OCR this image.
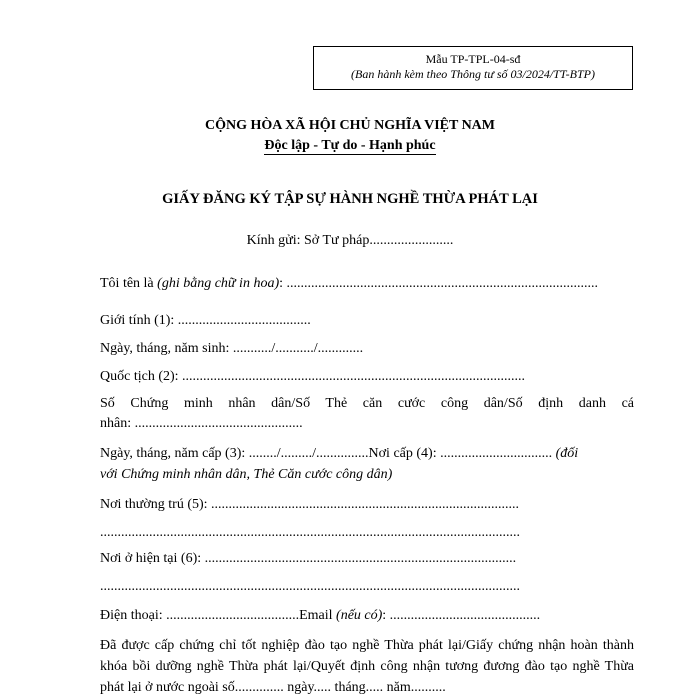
Mẫu TP-TPL-04-sđ
(Ban hành kèm theo Thông tư số 03/2024/TT-BTP)
CỘNG HÒA XÃ HỘI CHỦ NGHĨA VIỆT NAM
Độc lập - Tự do - Hạnh phúc
GIẤY ĐĂNG KÝ TẬP SỰ HÀNH NGHỀ THỪA PHÁT LẠI
Kính gửi: Sở Tư pháp........................
Tôi tên là (ghi bằng chữ in hoa): .........................................................................................
Giới tính (1): ......................................
Ngày, tháng, năm sinh: .........../.........../.............
Quốc tịch (2): ..................................................................................................
Số Chứng minh nhân dân/Số Thẻ căn cước công dân/Số định danh cá
nhân: ................................................
Ngày, tháng, năm cấp (3): ......../........./...............Nơi cấp (4): ................................ (đối
với Chứng minh nhân dân, Thẻ Căn cước công dân)
Nơi thường trú (5): ........................................................................................
........................................................................................................................
Nơi ở hiện tại (6): .........................................................................................
........................................................................................................................
Điện thoại: ......................................Email (nếu có): ...........................................
Đã được cấp chứng chỉ tốt nghiệp đào tạo nghề Thừa phát lại/Giấy chứng nhận hoàn thành khóa bồi dưỡng nghề Thừa phát lại/Quyết định công nhận tương đương đào tạo nghề Thừa phát lại ở nước ngoài số.............. ngày..... tháng..... năm..........
